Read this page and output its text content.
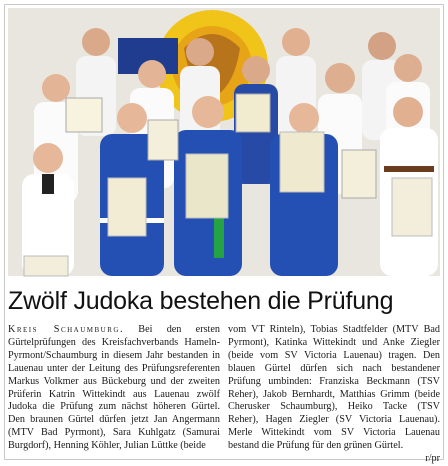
Zwölf Judoka bestehen die Prüfung

Kreis Schaumburg. Bei den ersten Gürtelprüfungen des Kreisfachverbands Hameln-Pyrmont/Schaumburg in diesem Jahr bestanden in Lauenau unter der Leitung des Prüfungsreferenten Markus Volkmer aus Bückeburg und der zweiten Prüferin Katrin Wittekindt aus Lauenau zwölf Judoka die Prüfung zum nächst höheren Gürtel. Den braunen Gürtel dürfen jetzt Jan Angermann (MTV Bad Pyrmont), Sara Kuhlgatz (Samurai Burgdorf), Henning Köhler, Julian Lüttke (beide

vom VT Rinteln), Tobias Stadtfelder (MTV Bad Pyrmont), Katinka Wittekindt und Anke Ziegler (beide vom SV Victoria Lauenau) tragen. Den blauen Gürtel dürfen sich nach bestandener Prüfung umbinden: Franziska Beckmann (TSV Reher), Jakob Bernhardt, Matthias Grimm (beide Cherusker Schaumburg), Heiko Tacke (TSV Reher), Hagen Ziegler (SV Victoria Lauenau). Merle Wittekindt vom SV Victoria Lauenau bestand die Prüfung für den grünen Gürtel.

r/pr
